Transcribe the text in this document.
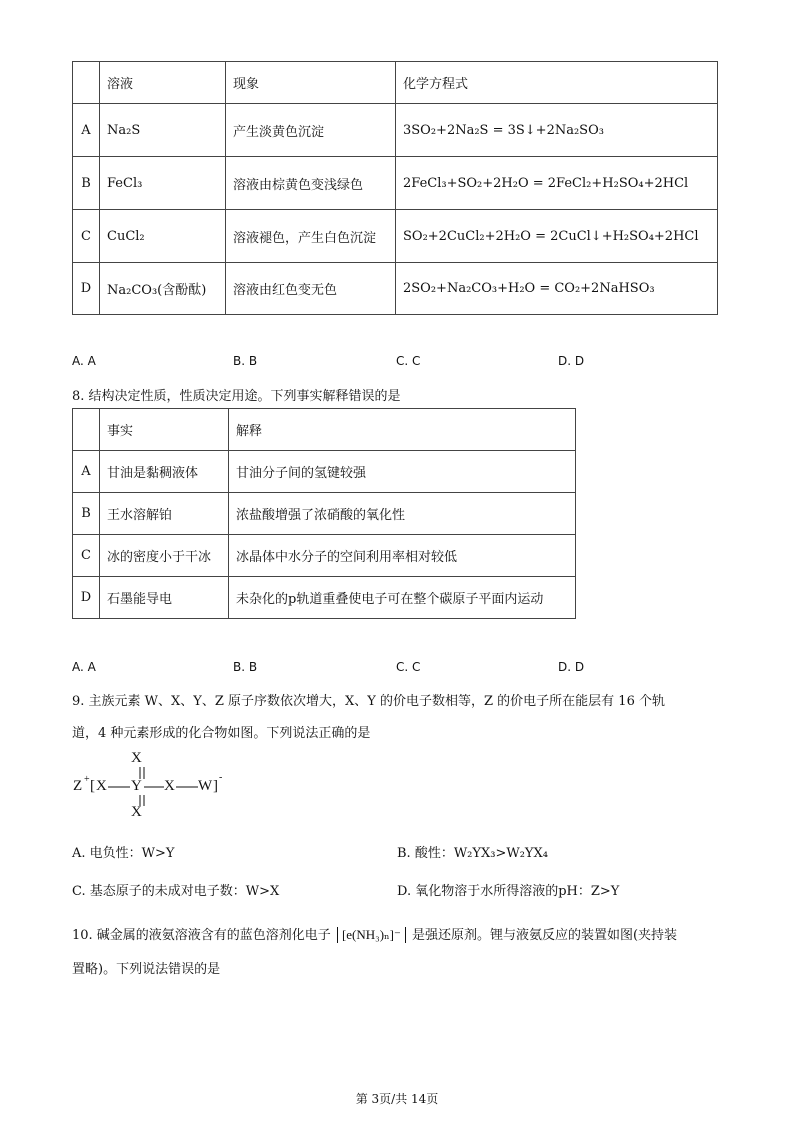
	溶液	现象	化学方程式
A	Na₂S	产生淡黄色沉淀	3SO₂+2Na₂S = 3S↓+2Na₂SO₃
B	FeCl₃	溶液由棕黄色变浅绿色	2FeCl₃+SO₂+2H₂O = 2FeCl₂+H₂SO₄+2HCl
C	CuCl₂	溶液褪色，产生白色沉淀	SO₂+2CuCl₂+2H₂O = 2CuCl↓+H₂SO₄+2HCl
D	Na₂CO₃(含酚酞)	溶液由红色变无色	2SO₂+Na₂CO₃+H₂O = CO₂+2NaHSO₃
A. A	B. B	C. C	D. D
8. 结构决定性质，性质决定用途。下列事实解释错误的是
	事实	解释
A	甘油是黏稠液体	甘油分子间的氢键较强
B	王水溶解铂	浓盐酸增强了浓硝酸的氧化性
C	冰的密度小于干冰	冰晶体中水分子的空间利用率相对较低
D	石墨能导电	未杂化的p轨道重叠使电子可在整个碳原子平面内运动
A. A	B. B	C. C	D. D
9. 主族元素 W、X、Y、Z 原子序数依次增大，X、Y 的价电子数相等，Z 的价电子所在能层有 16 个轨
道，4 种元素形成的化合物如图。下列说法正确的是
X
Z + [ X Y X W ]
-
X
A. 电负性：W>Y	B. 酸性：W₂YX₃>W₂YX₄
C. 基态原子的未成对电子数：W>X	D. 氧化物溶于水所得溶液的pH：Z>Y
10. 碱金属的液氨溶液含有的蓝色溶剂化电子 [e(NH₃)ₙ]⁻ 是强还原剂。锂与液氨反应的装置如图(夹持装
置略)。下列说法错误的是
第 3页/共 14页
